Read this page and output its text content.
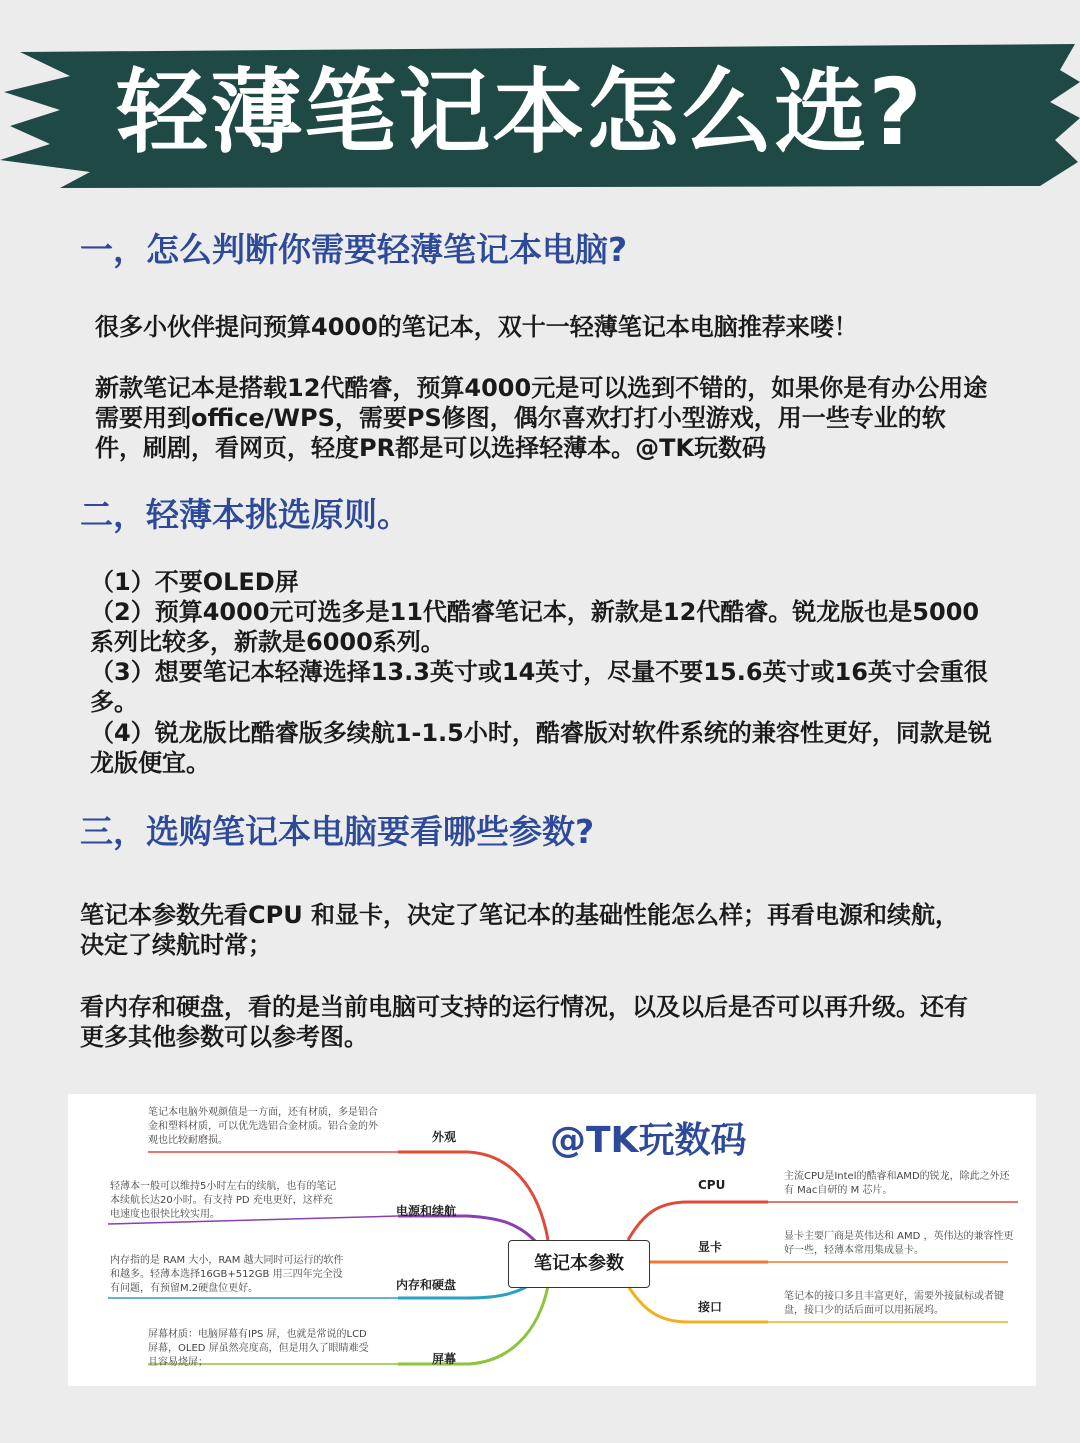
轻薄笔记本怎么选?
一，怎么判断你需要轻薄笔记本电脑?

很多小伙伴提问预算4000的笔记本，双十一轻薄笔记本电脑推荐来喽！

新款笔记本是搭载12代酷睿，预算4000元是可以选到不错的，如果你是有办公用途需要用到office/WPS，需要PS修图，偶尔喜欢打打小型游戏，用一些专业的软件，刷剧，看网页，轻度PR都是可以选择轻薄本。@TK玩数码

二，轻薄本挑选原则。

（1）不要OLED屏

（2）预算4000元可选多是11代酷睿笔记本，新款是12代酷睿。锐龙版也是5000系列比较多，新款是6000系列。

（3）想要笔记本轻薄选择13.3英寸或14英寸，尽量不要15.6英寸或16英寸会重很多。

（4）锐龙版比酷睿版多续航1-1.5小时，酷睿版对软件系统的兼容性更好，同款是锐龙版便宜。

三，选购笔记本电脑要看哪些参数?

笔记本参数先看CPU 和显卡，决定了笔记本的基础性能怎么样；再看电源和续航，决定了续航时常；

看内存和硬盘，看的是当前电脑可支持的运行情况，以及以后是否可以再升级。还有更多其他参数可以参考图。

@TK玩数码
笔记本参数
笔记本电脑外观颜值是一方面，还有材质，多是铝合金和塑料材质，可以优先选铝合金材质。铝合金的外观也比较耐磨损。	外观
轻薄本一般可以维持5小时左右的续航，也有的笔记本续航长达20小时。有支持 PD 充电更好，这样充电速度也很快比较实用。	电源和续航
内存指的是 RAM 大小，RAM 越大同时可运行的软件和越多。轻薄本选择16GB+512GB 用三四年完全没有问题，有预留M.2硬盘位更好。	内存和硬盘
屏幕材质：电脑屏幕有IPS 屏，也就是常说的LCD 屏幕，OLED 屏虽然亮度高，但是用久了眼睛难受且容易烧屏；	屏幕
CPU
主流CPU是Intel的酷睿和AMD的锐龙，除此之外还有 Mac自研的 M 芯片。
显卡
显卡主要厂商是英伟达和 AMD ，英伟达的兼容性更好一些，轻薄本常用集成显卡。
接口
笔记本的接口多且丰富更好，需要外接鼠标或者键盘，接口少的话后面可以用拓展坞。
